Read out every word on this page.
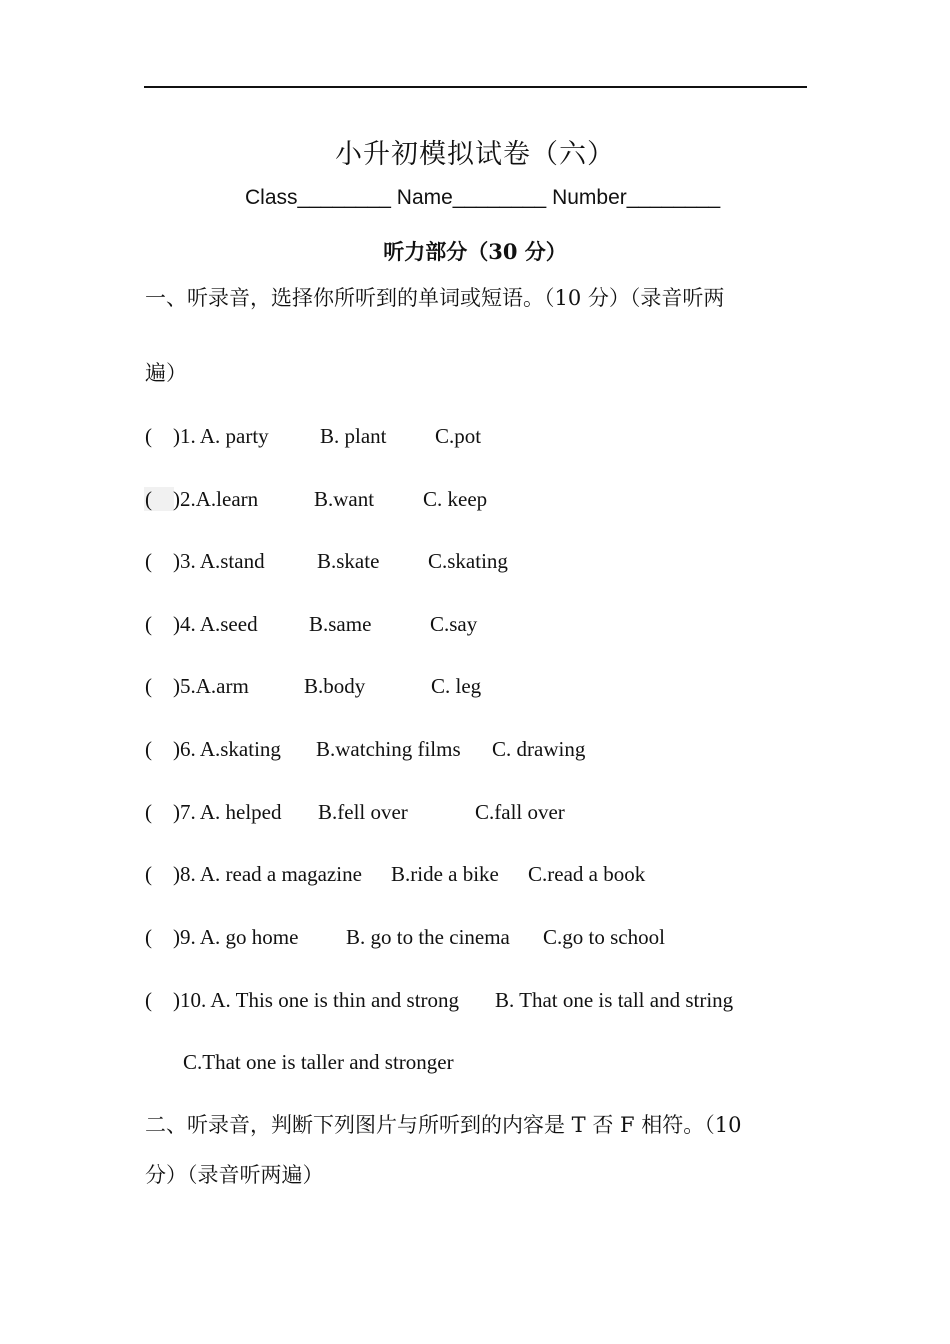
小升初模拟试卷（六）
Class________ Name________ Number________
听力部分（30 分）
一、听录音，选择你所听到的单词或短语。（10 分）（录音听两
遍）

(

)1. A. party

B. plant

C.pot

(

)2.A.learn

	B.want

C. keep

(

)3. A.stand

B.skate

C.skating

(

)4. A.seed

B.same

	C.say

(

)5.A.arm

	B.body

	C. leg

(

)6. A.skating

B.watching films

C. drawing

(

)7. A. helped

B.fell over

	C.fall over

(

)8. A. read a magazine

B.ride a bike

C.read a book

(

)9. A. go home

B. go to the cinema

C.go to school

(

)10. A. This one is thin and strong

B. That one is tall and string

C.That one is taller and stronger

二、听录音，判断下列图片与所听到的内容是 T 否 F 相符。（10
分）（录音听两遍）
